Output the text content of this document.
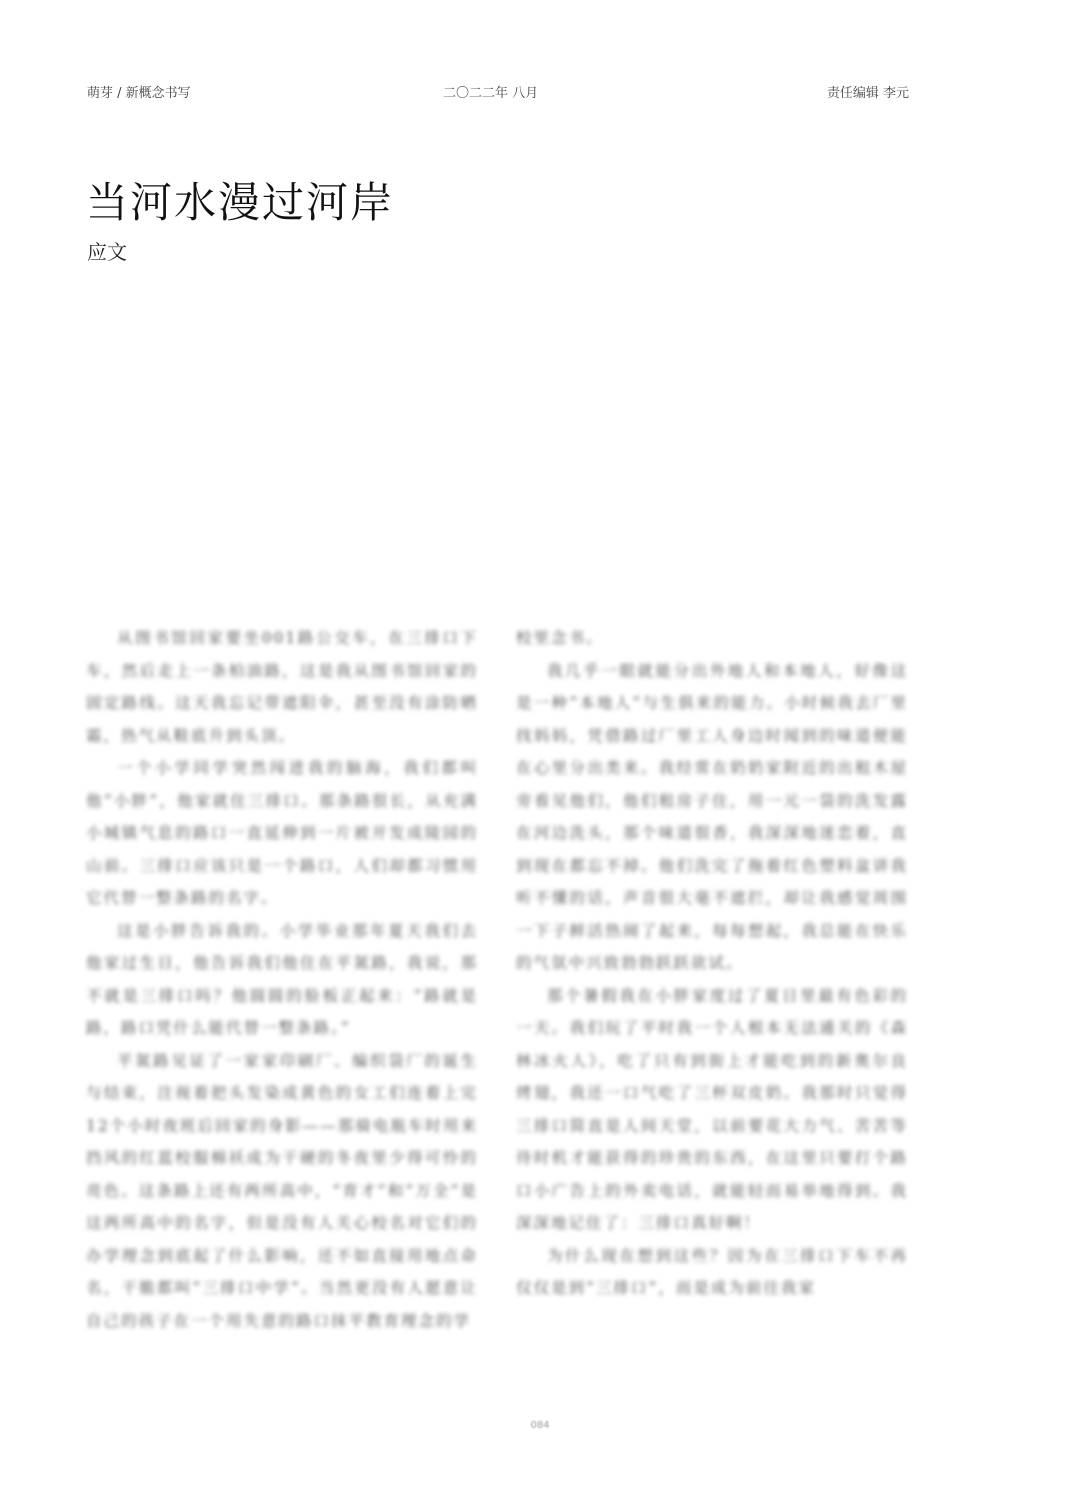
萌芽 / 新概念书写	二〇二二年 八月	责任编辑 李元
当河水漫过河岸
应文

从图书馆回家要坐001路公交车，在三排口下车，然后走上一条柏油路，这是我从图书馆回家的固定路线。这天我忘记带遮阳伞，甚至没有涂防晒霜，热气从鞋底升到头顶。

一个小学同学突然闯进我的脑海，我们都叫他“小胖”，他家就住三排口。那条路很长，从充满小城镇气息的路口一直延伸到一片被开发成陵园的山前。三排口应该只是一个路口，人们却都习惯用它代替一整条路的名字。

这是小胖告诉我的。小学毕业那年夏天我们去他家过生日，他告诉我们他住在平氮路，我说，那不就是三排口吗？他圆圆的脸板正起来：“路就是路，路口凭什么能代替一整条路。”

平氮路见证了一家家印刷厂、编织袋厂的诞生与结束，注视着把头发染成黄色的女工们连着上完12个小时夜班后回家的身影——那骑电瓶车时用来挡风的红蓝校服棉袄成为干硬的冬夜里少得可怜的亮色。这条路上还有两所高中，“育才”和“万全”是这两所高中的名字，但是没有人关心校名对它们的办学理念到底起了什么影响，还不如直接用地点命名，干脆都叫“三排口中学”。当然更没有人愿意让自己的孩子在一个用失意的路口抹平教育理念的学

校里念书。

我几乎一眼就能分出外地人和本地人，好像这是一种“本地人”与生俱来的能力。小时候我去厂里找妈妈，凭借路过厂里工人身边时闻到的味道便能在心里分出类来。我经常在奶奶家附近的出租木屋旁看见他们，他们租房子住，用一元一袋的洗发露在河边洗头，那个味道很香，我深深地迷恋着，直到现在都忘不掉。他们洗完了拖着红色塑料盆讲我听不懂的话，声音很大毫不遮拦，却让我感觉周围一下子鲜活热闹了起来，每每想起，我总能在快乐的气氛中兴致勃勃跃跃欲试。

那个暑假我在小胖家度过了夏日里最有色彩的一天。我们玩了平时我一个人根本无法通关的《森林冰火人》，吃了只有到街上才能吃到的新奥尔良烤翅，我还一口气吃了三杯双皮奶。我那时只觉得三排口简直是人间天堂，以前要花大力气、苦苦等待时机才能获得的珍贵的东西，在这里只要打个路口小广告上的外卖电话，就能轻而易举地得到。我深深地记住了：三排口真好啊！

为什么现在想到这些？因为在三排口下车不再仅仅是到“三排口”，而是成为前往我家

084
